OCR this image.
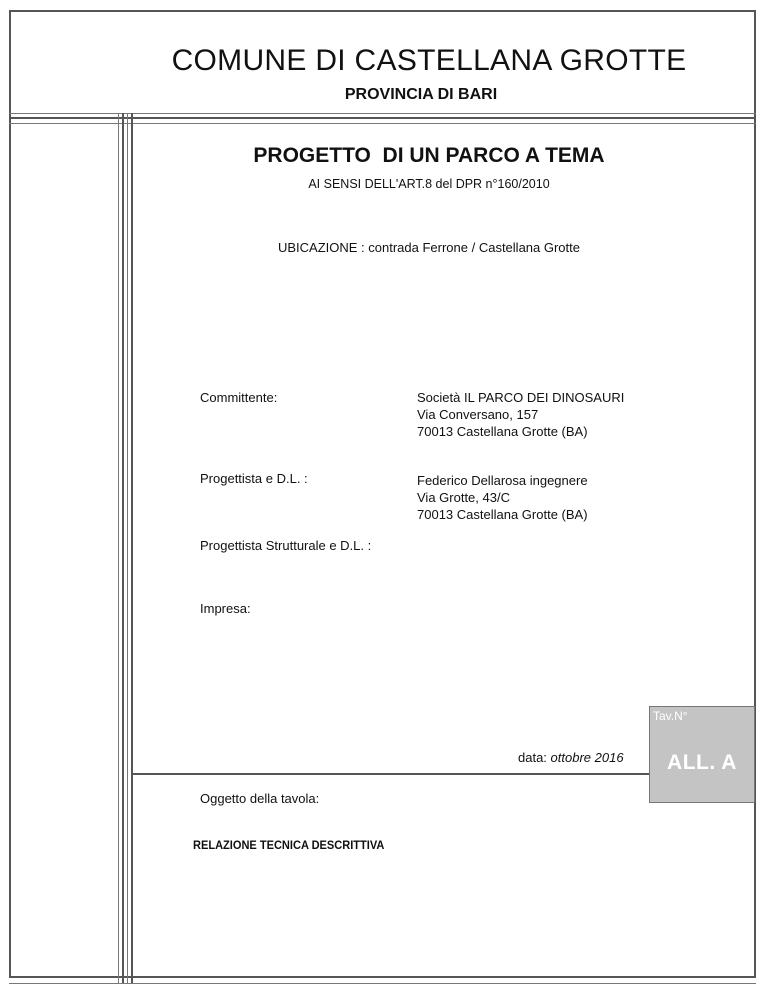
COMUNE DI CASTELLANA GROTTE
PROVINCIA DI BARI
PROGETTO  DI UN PARCO A TEMA
AI SENSI DELL'ART.8 del DPR n°160/2010
UBICAZIONE : contrada Ferrone / Castellana Grotte
Committente:	Società IL PARCO DEI DINOSAURI
Via Conversano, 157
70013 Castellana Grotte (BA)
Progettista e D.L. :	Federico Dellarosa ingegnere
Via Grotte, 43/C
70013 Castellana Grotte (BA)
Progettista Strutturale e D.L. :
Impresa:
data: ottobre 2016
Tav.N°
ALL. A
Oggetto della tavola:
RELAZIONE TECNICA DESCRITTIVA
